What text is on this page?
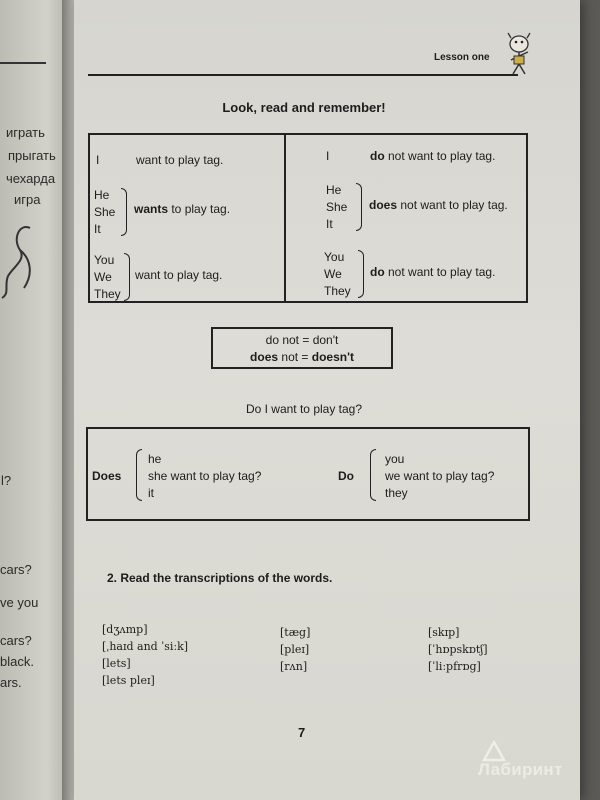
играть
прыгать
чехарда
игра
l?
cars?
ve you
cars?
black.
ars.
Lesson one
Look, read and remember!
I	want to play tag.
He
She
It
wants to play tag.
You
We
They
want to play tag.
I	do not want to play tag.
He
She
It
does not want to play tag.
You
We
They
do not want to play tag.
do not = don't
does not = doesn't
Do I want to play tag?
Does
he
she want to play tag?
it
Do
you
we want to play tag?
they
2. Read the transcriptions of the words.
[dʒʌmp]
[ˌhaɪd and ˈsiːk]
[lets]
[lets pleɪ]
[tæg]
[pleɪ]
[rʌn]
[skɪp]
[ˈhɒpskɒtʃ]
[ˈliːpfrɒg]
7
Лабиринт
